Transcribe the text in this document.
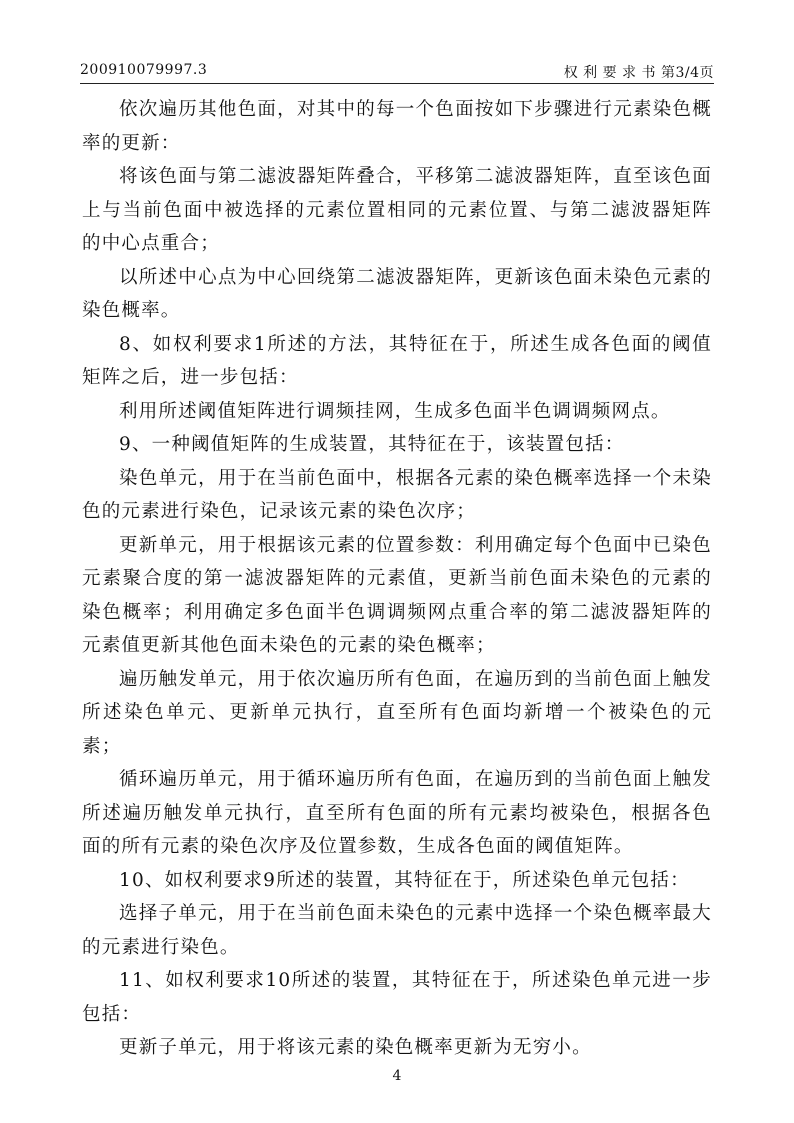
200910079997.3	权 利 要 求 书 第3/4页

依次遍历其他色面，对其中的每一个色面按如下步骤进行元素染色概率的更新：

将该色面与第二滤波器矩阵叠合，平移第二滤波器矩阵，直至该色面上与当前色面中被选择的元素位置相同的元素位置、与第二滤波器矩阵的中心点重合；

以所述中心点为中心回绕第二滤波器矩阵，更新该色面未染色元素的染色概率。

8、如权利要求1所述的方法，其特征在于，所述生成各色面的阈值矩阵之后，进一步包括：

利用所述阈值矩阵进行调频挂网，生成多色面半色调调频网点。

9、一种阈值矩阵的生成装置，其特征在于，该装置包括：

染色单元，用于在当前色面中，根据各元素的染色概率选择一个未染色的元素进行染色，记录该元素的染色次序；

更新单元，用于根据该元素的位置参数：利用确定每个色面中已染色元素聚合度的第一滤波器矩阵的元素值，更新当前色面未染色的元素的染色概率；利用确定多色面半色调调频网点重合率的第二滤波器矩阵的元素值更新其他色面未染色的元素的染色概率；

遍历触发单元，用于依次遍历所有色面，在遍历到的当前色面上触发所述染色单元、更新单元执行，直至所有色面均新增一个被染色的元素；

循环遍历单元，用于循环遍历所有色面，在遍历到的当前色面上触发所述遍历触发单元执行，直至所有色面的所有元素均被染色，根据各色面的所有元素的染色次序及位置参数，生成各色面的阈值矩阵。

10、如权利要求9所述的装置，其特征在于，所述染色单元包括：

选择子单元，用于在当前色面未染色的元素中选择一个染色概率最大的元素进行染色。

11、如权利要求10所述的装置，其特征在于，所述染色单元进一步包括：

更新子单元，用于将该元素的染色概率更新为无穷小。

4
